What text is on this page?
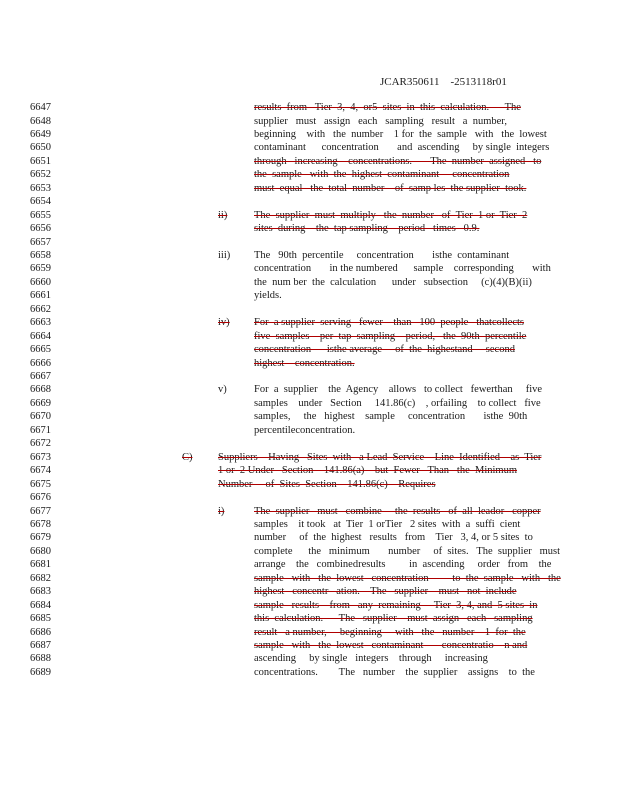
JCAR350611    -2513118r01
6647	results  from   Tier  3,  4,  or5  sites  in  this  calculation.      The
6648	supplier   must   assign   each   sampling   result   a  number,
6649	beginning    with   the  number    1 for  the  sample   with   the  lowest
6650	contaminant      concentration       and  ascending     by single  integers
6651	through   increasing    concentrations.       The  number  assigned   to
6652	the  sample   with  the  highest  contaminant     concentration
6653	must  equal   the  total  number    of  samp les  the supplier  took.
6654
6655	ii)	The  supplier  must  multiply   the  number   of  Tier  1 or  Tier  2
6656	sites  during    the  tap sampling    period   times   0.9.
6657
6658	iii) The   90th  percentile     concentration       isthe  contaminant
6659	concentration       in the numbered      sample    corresponding       with
6660	the  num ber  the  calculation      under   subsection     (c)(4)(B)(ii)
6661	yields.
6662
6663	iv) For  a supplier  serving   fewer    than   100  people   thatcollects
6664	five  samples    per  tap  sampling    period,   the  90th  percentile
6665	concentration      isthe average     of  the  highestand     second
6666	highest    concentration.
6667
6668	v)	For  a  supplier    the  Agency    allows   to collect   fewerthan     five
6669	samples    under   Section     141.86(c)    , orfailing    to collect   five
6670	samples,     the   highest    sample     concentration       isthe  90th
6671	percentileconcentration.
6672
6673	C) Suppliers    Having   Sites  with   a Lead  Service    Line  Identified    as  Tier
6674	1 or  2 Under   Section    141.86(a)    but  Fewer   Than   the  Minimum
6675	Number     of  Sites  Section    141.86(c)    Requires
6676
6677	i)	The  supplier   must   combine     the  results   of  all  leador   copper
6678	samples    it took   at  Tier  1 orTier   2 sites  with  a  suffi  cient
6679	number     of  the  highest   results   from    Tier   3, 4, or 5 sites  to
6680	complete      the   minimum       number     of  sites.   The  supplier   must
6681	arrange    the   combinedresults         in  ascending     order   from    the
6682	sample   with   the  lowest   concentration         to  the  sample   with   the
6683	highest   concentr   ation.    The   supplier    must   not  include
6684	sample   results    from   any  remaining     Tier  3, 4, and  5 sites  in
6685	this  calculation.      The   supplier    must  assign   each   sampling
6686	result   a number,     beginning     with   the   number    1  for  the
6687	sample   with   the  lowest   contaminant       concentratio    n and
6688	ascending     by single   integers    through     increasing
6689	concentrations.        The   number    the  supplier    assigns    to  the
